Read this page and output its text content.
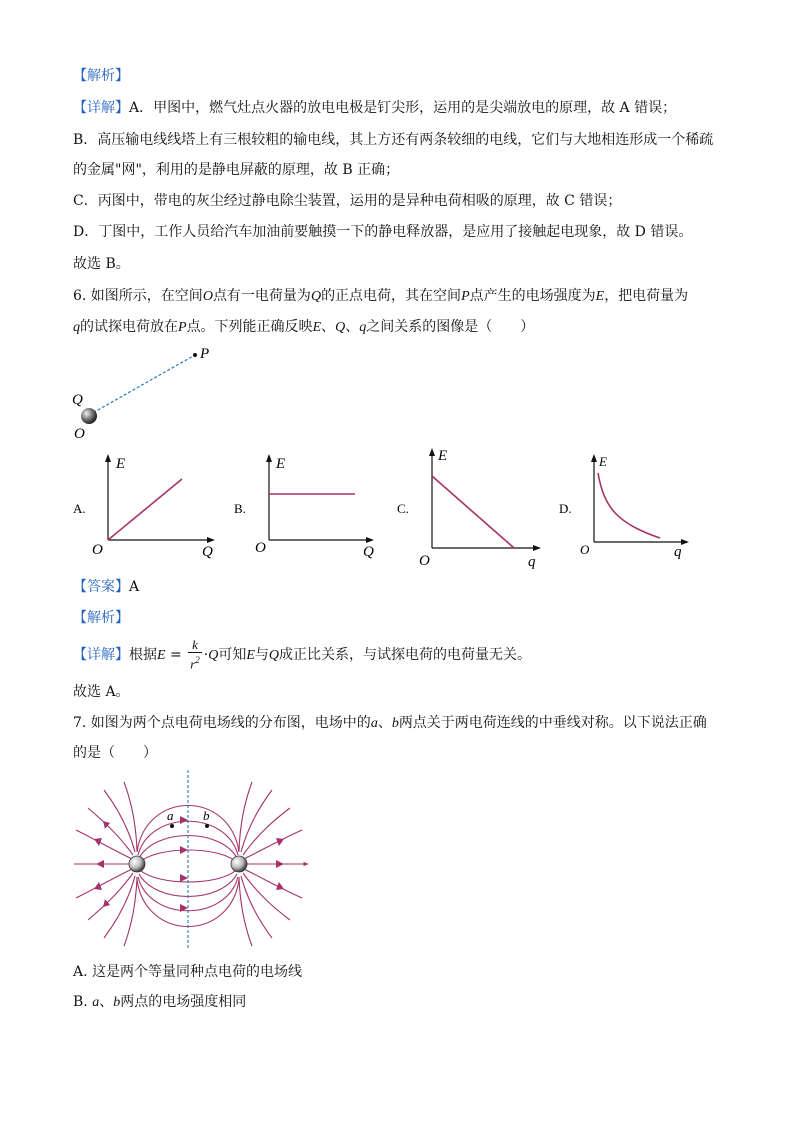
【解析】
【详解】A．甲图中，燃气灶点火器的放电电极是钉尖形，运用的是尖端放电的原理，故 A 错误；
B．高压输电线线塔上有三根较粗的输电线，其上方还有两条较细的电线，它们与大地相连形成一个稀疏
的金属"网"，利用的是静电屏蔽的原理，故 B 正确；
C．丙图中，带电的灰尘经过静电除尘装置，运用的是异种电荷相吸的原理，故 C 错误；
D．丁图中，工作人员给汽车加油前要触摸一下的静电释放器，是应用了接触起电现象，故 D 错误。
故选 B。
6. 如图所示，在空间O点有一电荷量为Q的正点电荷，其在空间P点产生的电场强度为E，把电荷量为
q的试探电荷放在P点。下列能正确反映E、Q、q之间关系的图像是（　　）
P
Q
O
A.
E
Q
O
B.
E
Q
O
C.
E
q
O
D.
E
q
O
【答案】A
【解析】
【详解】根据$E = \frac{k}{r^2} \cdot Q$可知E与Q成正比关系，与试探电荷的电荷量无关。
故选 A。
7. 如图为两个点电荷电场线的分布图，电场中的a、b两点关于两电荷连线的中垂线对称。以下说法正确
的是（　　）
a b
A. 这是两个等量同种点电荷的电场线
B. a、b两点的电场强度相同
